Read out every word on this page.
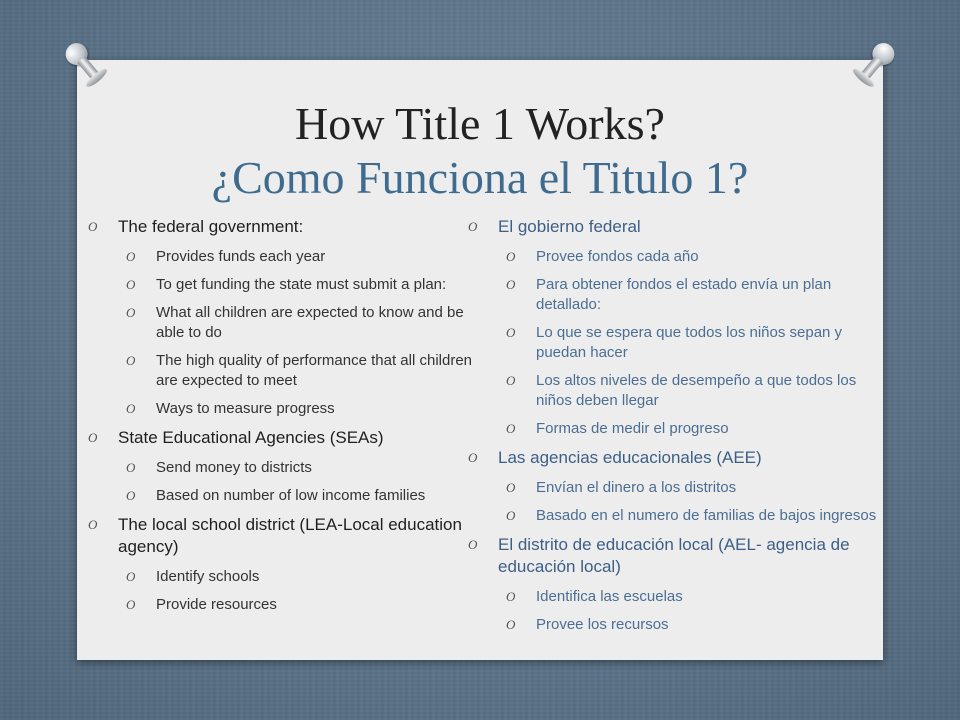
How Title 1 Works?
¿Como Funciona el Titulo 1?
O The federal government:
O Provides funds each year
O To get funding the state must submit a plan:
O What all children are expected to know and be able to do
O The high quality of performance that all children are expected to meet
O Ways to measure progress
O State Educational Agencies (SEAs)
O Send money to districts
O Based on number of low income families
O The local school district (LEA-Local education agency)
O Identify schools
O Provide resources
O El gobierno federal
O Provee fondos cada año
O Para obtener fondos el estado envía un plan detallado:
O Lo que se espera que todos los niños sepan y puedan hacer
O Los altos niveles de desempeño a que todos los niños deben llegar
O Formas de medir el progreso
O Las agencias educacionales (AEE)
O Envían el dinero a los distritos
O Basado en el numero de familias de bajos ingresos
O El distrito de educación local (AEL- agencia de educación local)
O Identifica las escuelas
O Provee los recursos
